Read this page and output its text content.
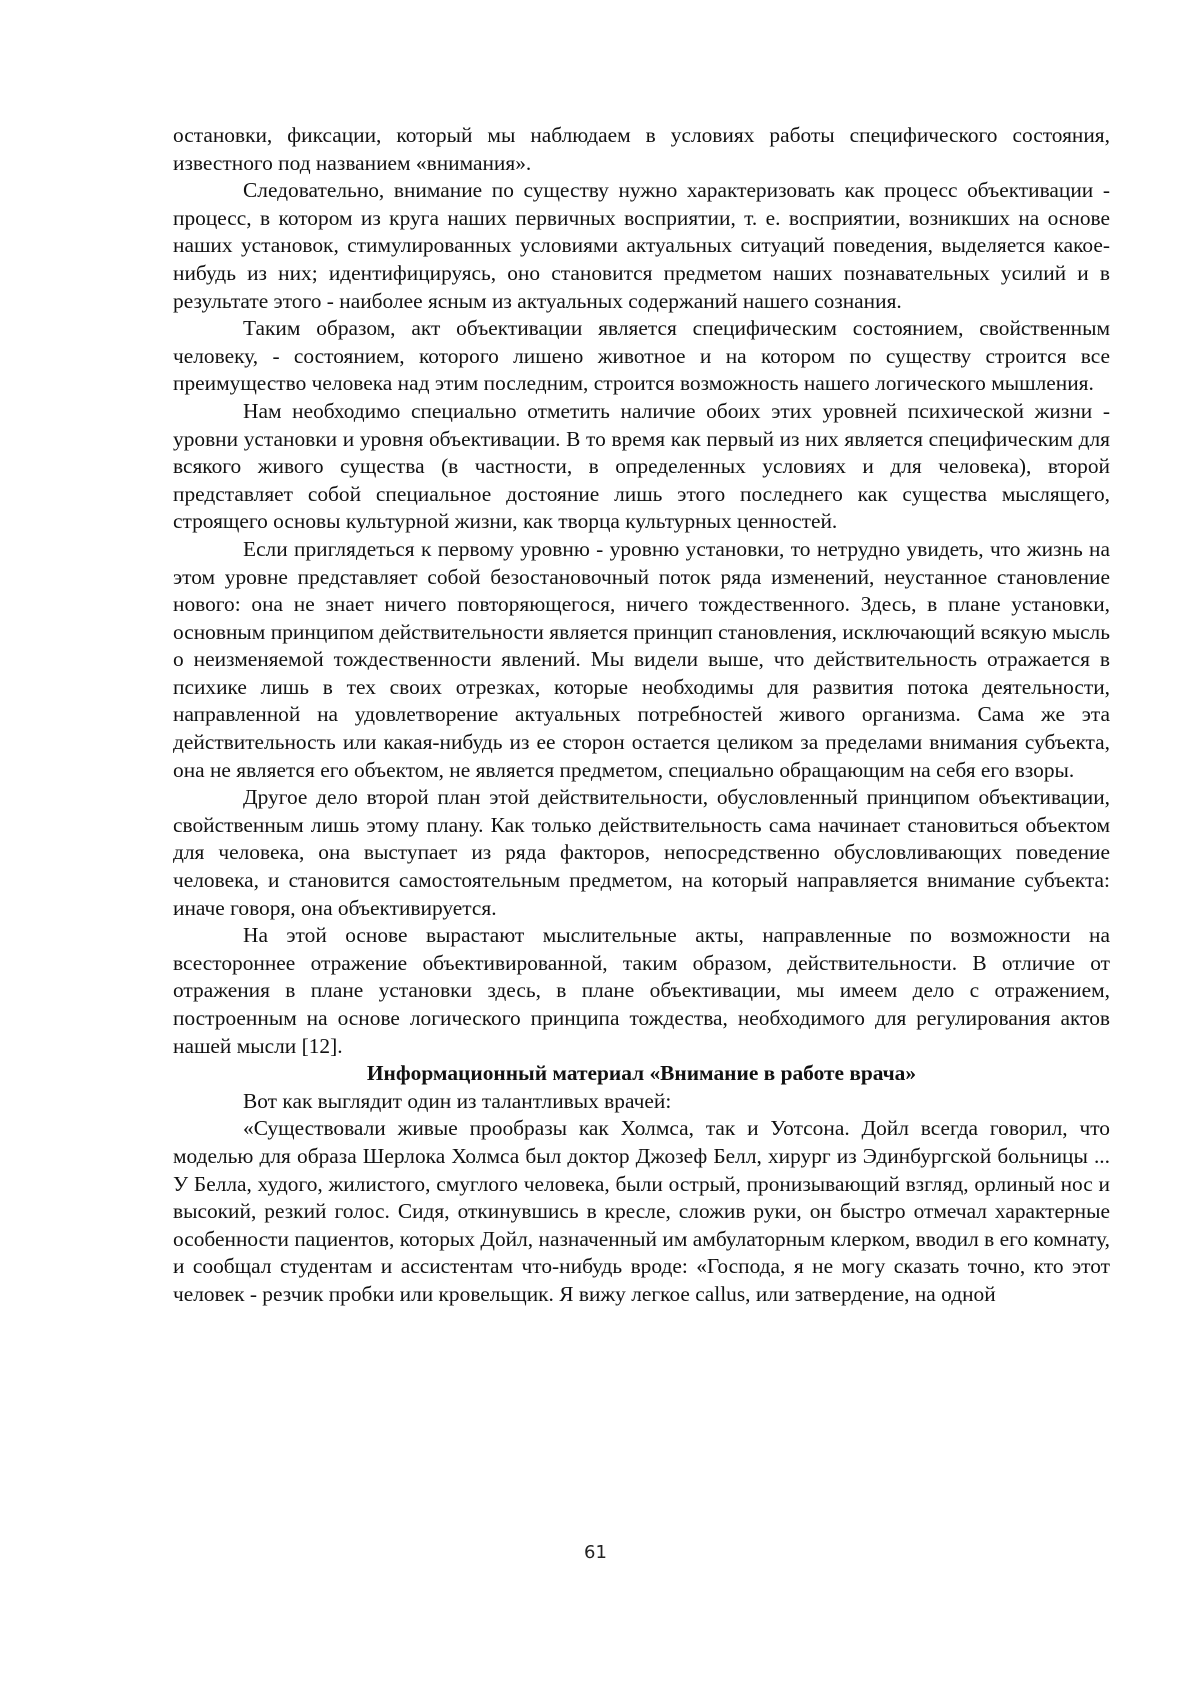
остановки, фиксации, который мы наблюдаем в условиях работы специфического состояния, известного под названием «внимания».

Следовательно, внимание по существу нужно характеризовать как процесс объективации - процесс, в котором из круга наших первичных восприятии, т. е. восприятии, возникших на основе наших установок, стимулированных условиями актуальных ситуаций поведения, выделяется какое-нибудь из них; идентифицируясь, оно становится предметом наших познавательных усилий и в результате этого - наиболее ясным из актуальных содержаний нашего сознания.

Таким образом, акт объективации является специфическим состоянием, свойственным человеку, - состоянием, которого лишено животное и на котором по существу строится все преимущество человека над этим последним, строится возможность нашего логического мышления.

Нам необходимо специально отметить наличие обоих этих уровней психической жизни - уровни установки и уровня объективации. В то время как первый из них является специфическим для всякого живого существа (в частности, в определенных условиях и для человека), второй представляет собой специальное достояние лишь этого последнего как существа мыслящего, строящего основы культурной жизни, как творца культурных ценностей.

Если приглядеться к первому уровню - уровню установки, то нетрудно увидеть, что жизнь на этом уровне представляет собой безостановочный поток ряда изменений, неустанное становление нового: она не знает ничего повторяющегося, ничего тождественного. Здесь, в плане установки, основным принципом действительности является принцип становления, исключающий всякую мысль о неизменяемой тождественности явлений. Мы видели выше, что действительность отражается в психике лишь в тех своих отрезках, которые необходимы для развития потока деятельности, направленной на удовлетворение актуальных потребностей живого организма. Сама же эта действительность или какая-нибудь из ее сторон остается целиком за пределами внимания субъекта, она не является его объектом, не является предметом, специально обращающим на себя его взоры.

Другое дело второй план этой действительности, обусловленный принципом объективации, свойственным лишь этому плану. Как только действительность сама начинает становиться объектом для человека, она выступает из ряда факторов, непосредственно обусловливающих поведение человека, и становится самостоятельным предметом, на который направляется внимание субъекта: иначе говоря, она объективируется.

На этой основе вырастают мыслительные акты, направленные по возможности на всестороннее отражение объективированной, таким образом, действительности. В отличие от отражения в плане установки здесь, в плане объективации, мы имеем дело с отражением, построенным на основе логического принципа тождества, необходимого для регулирования актов нашей мысли [12].

Информационный материал «Внимание в работе врача»

Вот как выглядит один из талантливых врачей:

«Существовали живые прообразы как Холмса, так и Уотсона. Дойл всегда говорил, что моделью для образа Шерлока Холмса был доктор Джозеф Белл, хирург из Эдинбургской больницы ... У Белла, худого, жилистого, смуглого человека, были острый, пронизывающий взгляд, орлиный нос и высокий, резкий голос. Сидя, откинувшись в кресле, сложив руки, он быстро отмечал характерные особенности пациентов, которых Дойл, назначенный им амбулаторным клерком, вводил в его комнату, и сообщал студентам и ассистентам что-нибудь вроде: «Господа, я не могу сказать точно, кто этот человек - резчик пробки или кровельщик. Я вижу легкое callus, или затвердение, на одной

61
